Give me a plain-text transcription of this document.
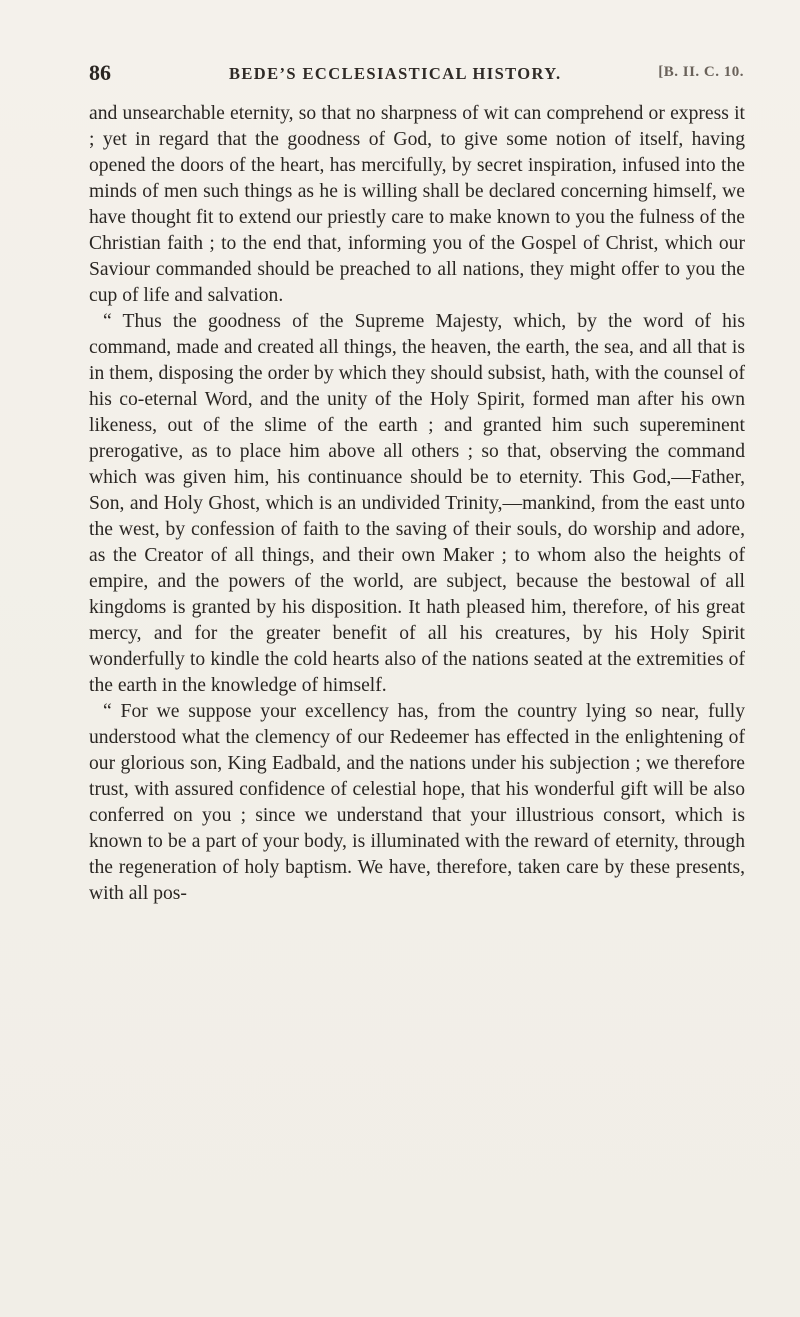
86	BEDE’S ECCLESIASTICAL HISTORY.	[B. II. C. 10.

and unsearchable eternity, so that no sharpness of wit can comprehend or express it ; yet in regard that the goodness of God, to give some notion of itself, having opened the doors of the heart, has mercifully, by secret inspiration, infused into the minds of men such things as he is willing shall be declared concerning himself, we have thought fit to extend our priestly care to make known to you the fulness of the Christian faith ; to the end that, informing you of the Gospel of Christ, which our Saviour commanded should be preached to all nations, they might offer to you the cup of life and salvation.

“ Thus the goodness of the Supreme Majesty, which, by the word of his command, made and created all things, the heaven, the earth, the sea, and all that is in them, disposing the order by which they should subsist, hath, with the counsel of his co-eternal Word, and the unity of the Holy Spirit, formed man after his own likeness, out of the slime of the earth ; and granted him such supereminent prerogative, as to place him above all others ; so that, observing the command which was given him, his continuance should be to eternity. This God,—Father, Son, and Holy Ghost, which is an undivided Trinity,—mankind, from the east unto the west, by confession of faith to the saving of their souls, do worship and adore, as the Creator of all things, and their own Maker ; to whom also the heights of empire, and the powers of the world, are subject, because the bestowal of all kingdoms is granted by his disposition. It hath pleased him, therefore, of his great mercy, and for the greater benefit of all his creatures, by his Holy Spirit wonderfully to kindle the cold hearts also of the nations seated at the extremities of the earth in the knowledge of himself.

“ For we suppose your excellency has, from the country lying so near, fully understood what the clemency of our Redeemer has effected in the enlightening of our glorious son, King Eadbald, and the nations under his subjection ; we therefore trust, with assured confidence of celestial hope, that his wonderful gift will be also conferred on you ; since we understand that your illustrious consort, which is known to be a part of your body, is illuminated with the reward of eternity, through the regeneration of holy baptism. We have, therefore, taken care by these presents, with all pos-
